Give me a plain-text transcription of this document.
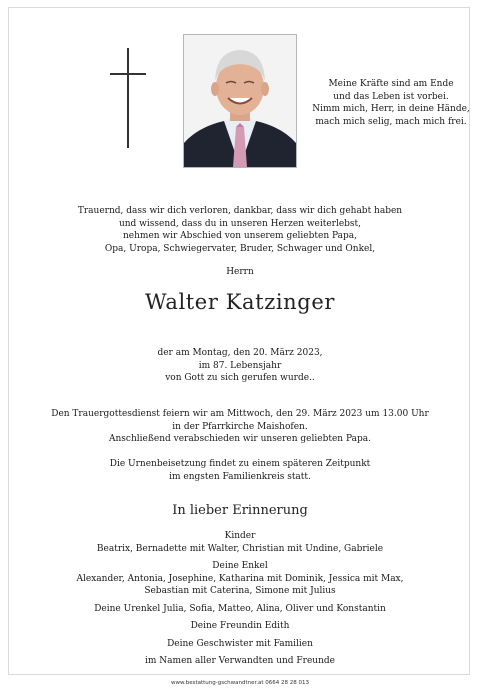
Meine Kräfte sind am Ende
und das Leben ist vorbei.
Nimm mich, Herr, in deine Hände,
mach mich selig, mach mich frei.
Trauernd, dass wir dich verloren, dankbar, dass wir dich gehabt haben
und wissend, dass du in unseren Herzen weiterlebst,
nehmen wir Abschied von unserem geliebten Papa,
Opa, Uropa, Schwiegervater, Bruder, Schwager und Onkel,
Herrn
Walter Katzinger
der am Montag, den 20. März 2023,
im 87. Lebensjahr
von Gott zu sich gerufen wurde..
Den Trauergottesdienst feiern wir am Mittwoch, den 29. März 2023 um 13.00 Uhr
in der Pfarrkirche Maishofen.
Anschließend verabschieden wir unseren geliebten Papa.
Die Urnenbeisetzung findet zu einem späteren Zeitpunkt
im engsten Familienkreis statt.
In lieber Erinnerung
Kinder
Beatrix, Bernadette mit Walter, Christian mit Undine, Gabriele
Deine Enkel
Alexander, Antonia, Josephine, Katharina mit Dominik, Jessica mit Max,
Sebastian mit Caterina, Simone mit Julius
Deine Urenkel Julia, Sofia, Matteo, Alina, Oliver und Konstantin
Deine Freundin Edith
Deine Geschwister mit Familien
im Namen aller Verwandten und Freunde
www.bestattung-gschwandtner.at 0664 28 28 013
